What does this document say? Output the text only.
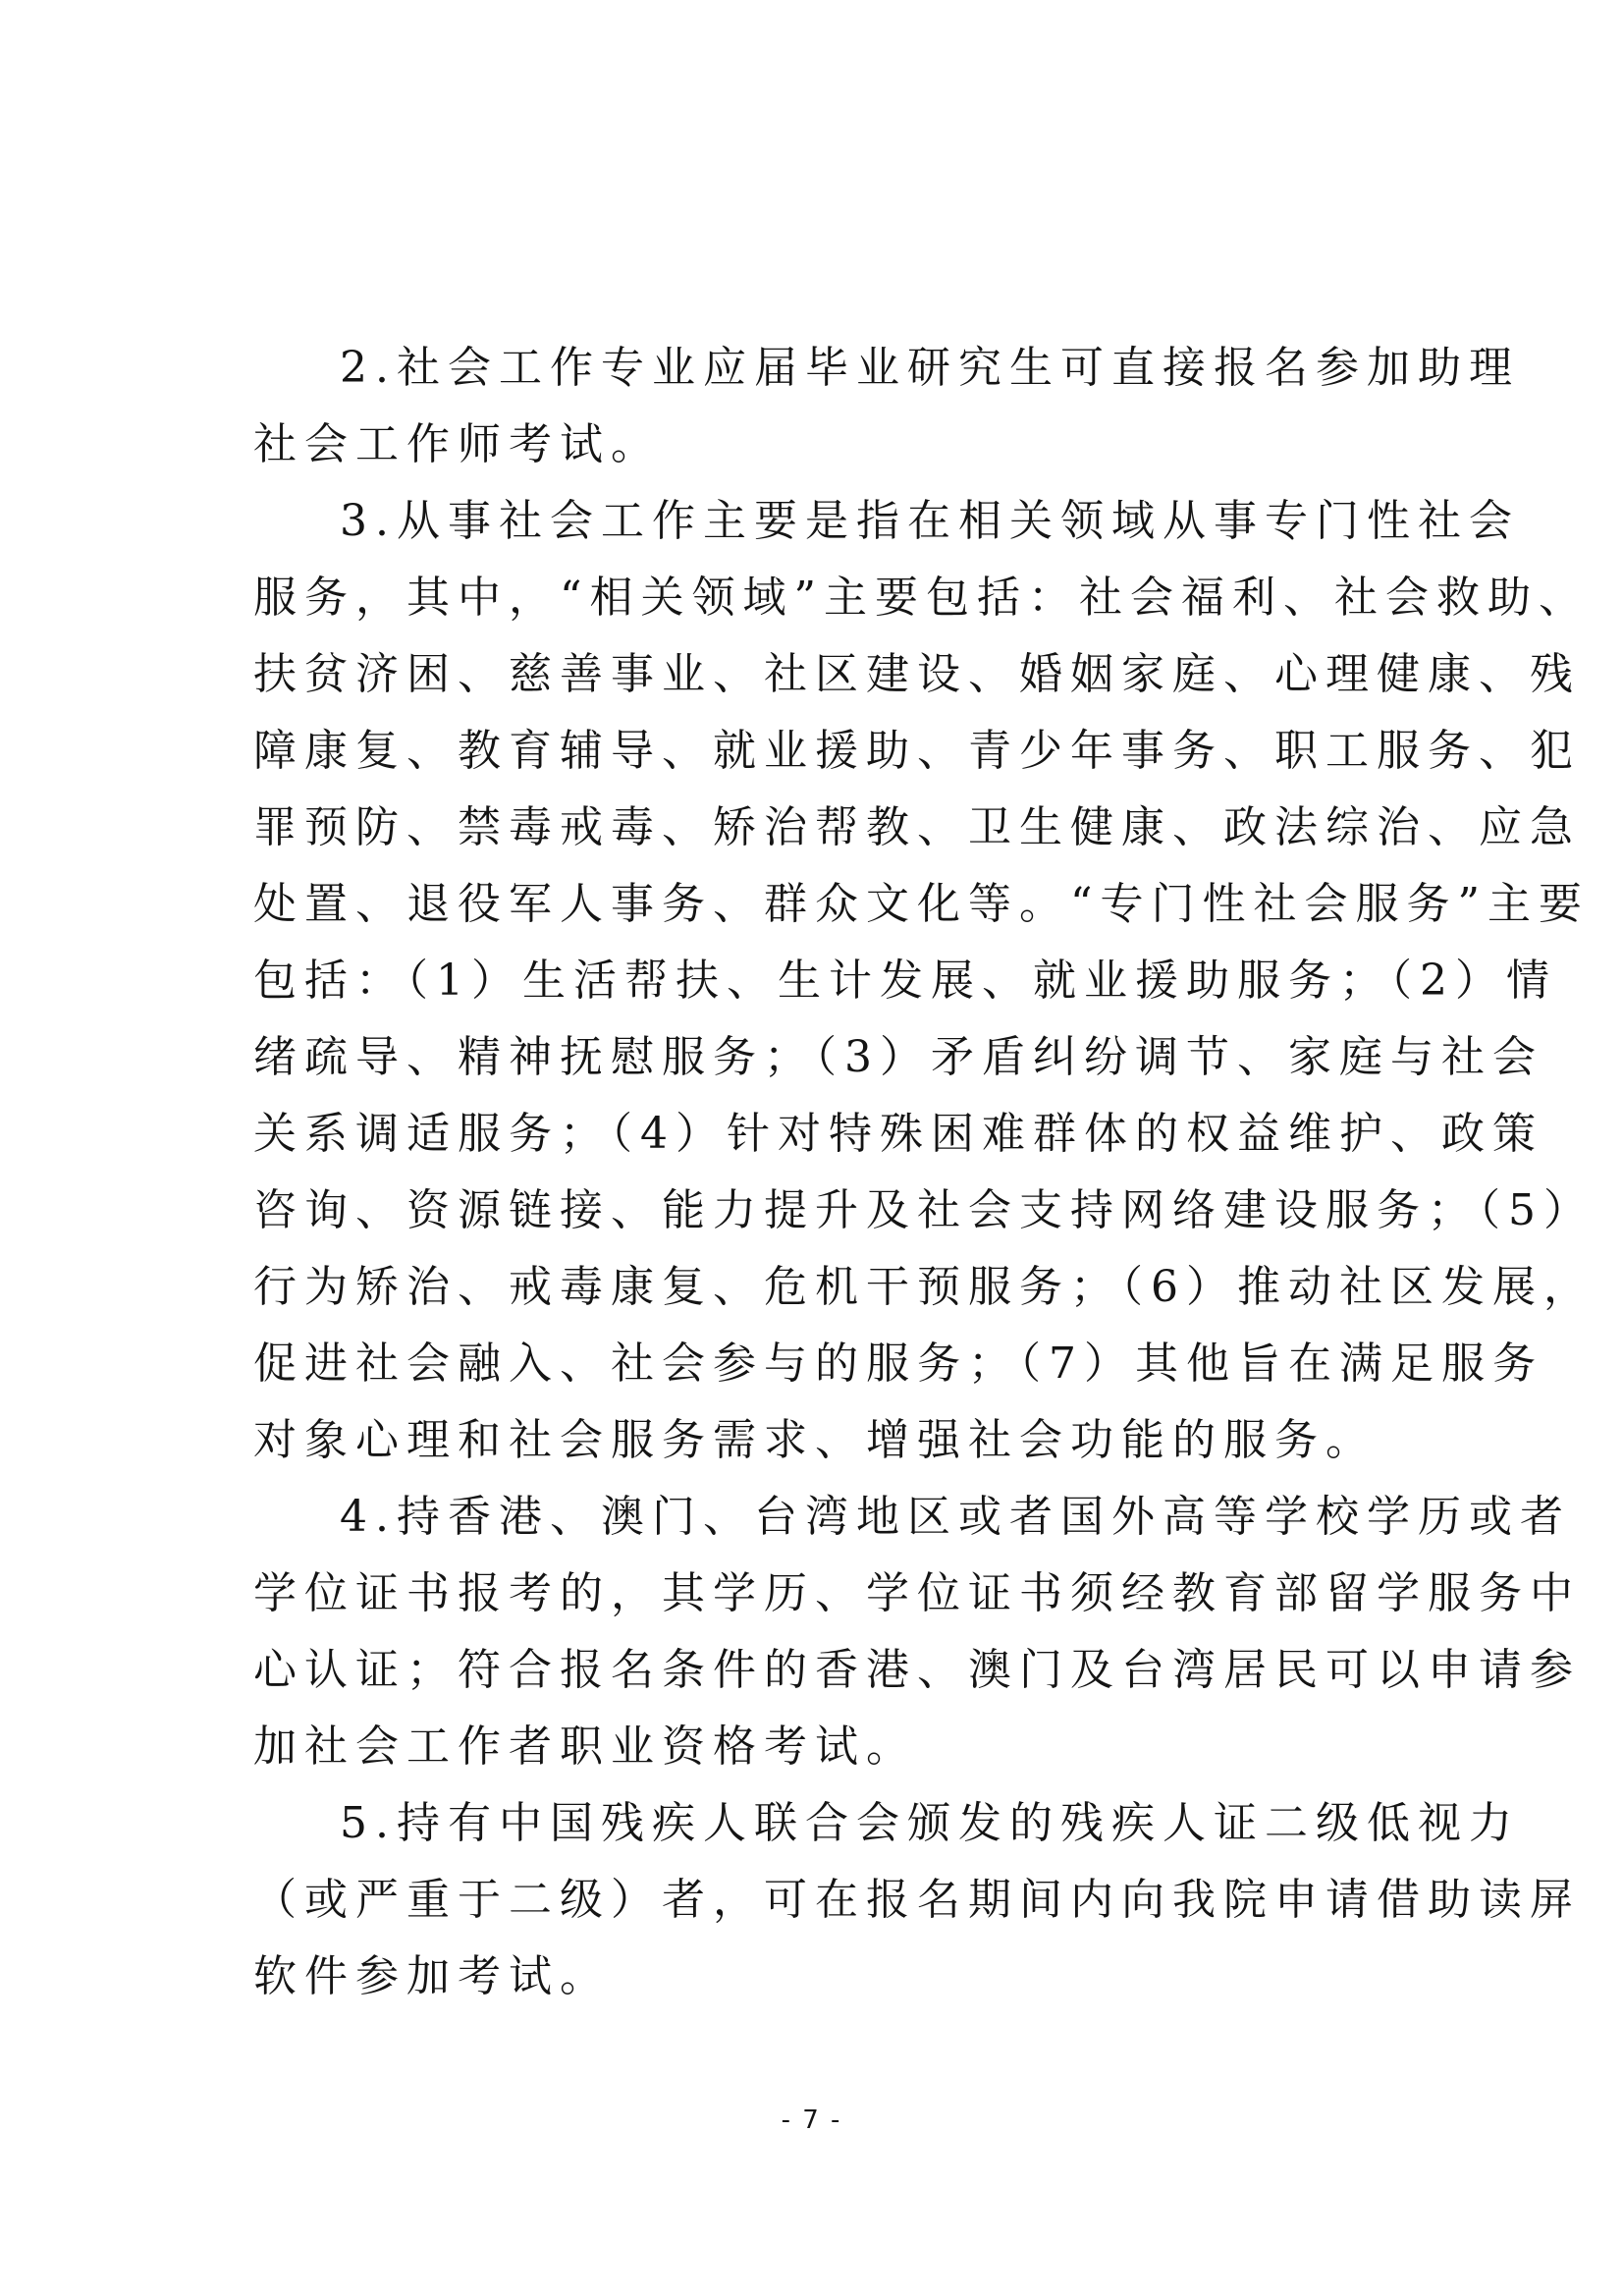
2.社会工作专业应届毕业研究生可直接报名参加助理
社会工作师考试。
3.从事社会工作主要是指在相关领域从事专门性社会
服务，其中，“相关领域”主要包括：社会福利、社会救助、
扶贫济困、慈善事业、社区建设、婚姻家庭、心理健康、残
障康复、教育辅导、就业援助、青少年事务、职工服务、犯
罪预防、禁毒戒毒、矫治帮教、卫生健康、政法综治、应急
处置、退役军人事务、群众文化等。“专门性社会服务”主要
包括：（1）生活帮扶、生计发展、就业援助服务；（2）情
绪疏导、精神抚慰服务；（3）矛盾纠纷调节、家庭与社会
关系调适服务；（4）针对特殊困难群体的权益维护、政策
咨询、资源链接、能力提升及社会支持网络建设服务；（5）
行为矫治、戒毒康复、危机干预服务；（6）推动社区发展，
促进社会融入、社会参与的服务；（7）其他旨在满足服务
对象心理和社会服务需求、增强社会功能的服务。
4.持香港、澳门、台湾地区或者国外高等学校学历或者
学位证书报考的，其学历、学位证书须经教育部留学服务中
心认证；符合报名条件的香港、澳门及台湾居民可以申请参
加社会工作者职业资格考试。
5.持有中国残疾人联合会颁发的残疾人证二级低视力
（或严重于二级）者，可在报名期间内向我院申请借助读屏
软件参加考试。
- 7 -
